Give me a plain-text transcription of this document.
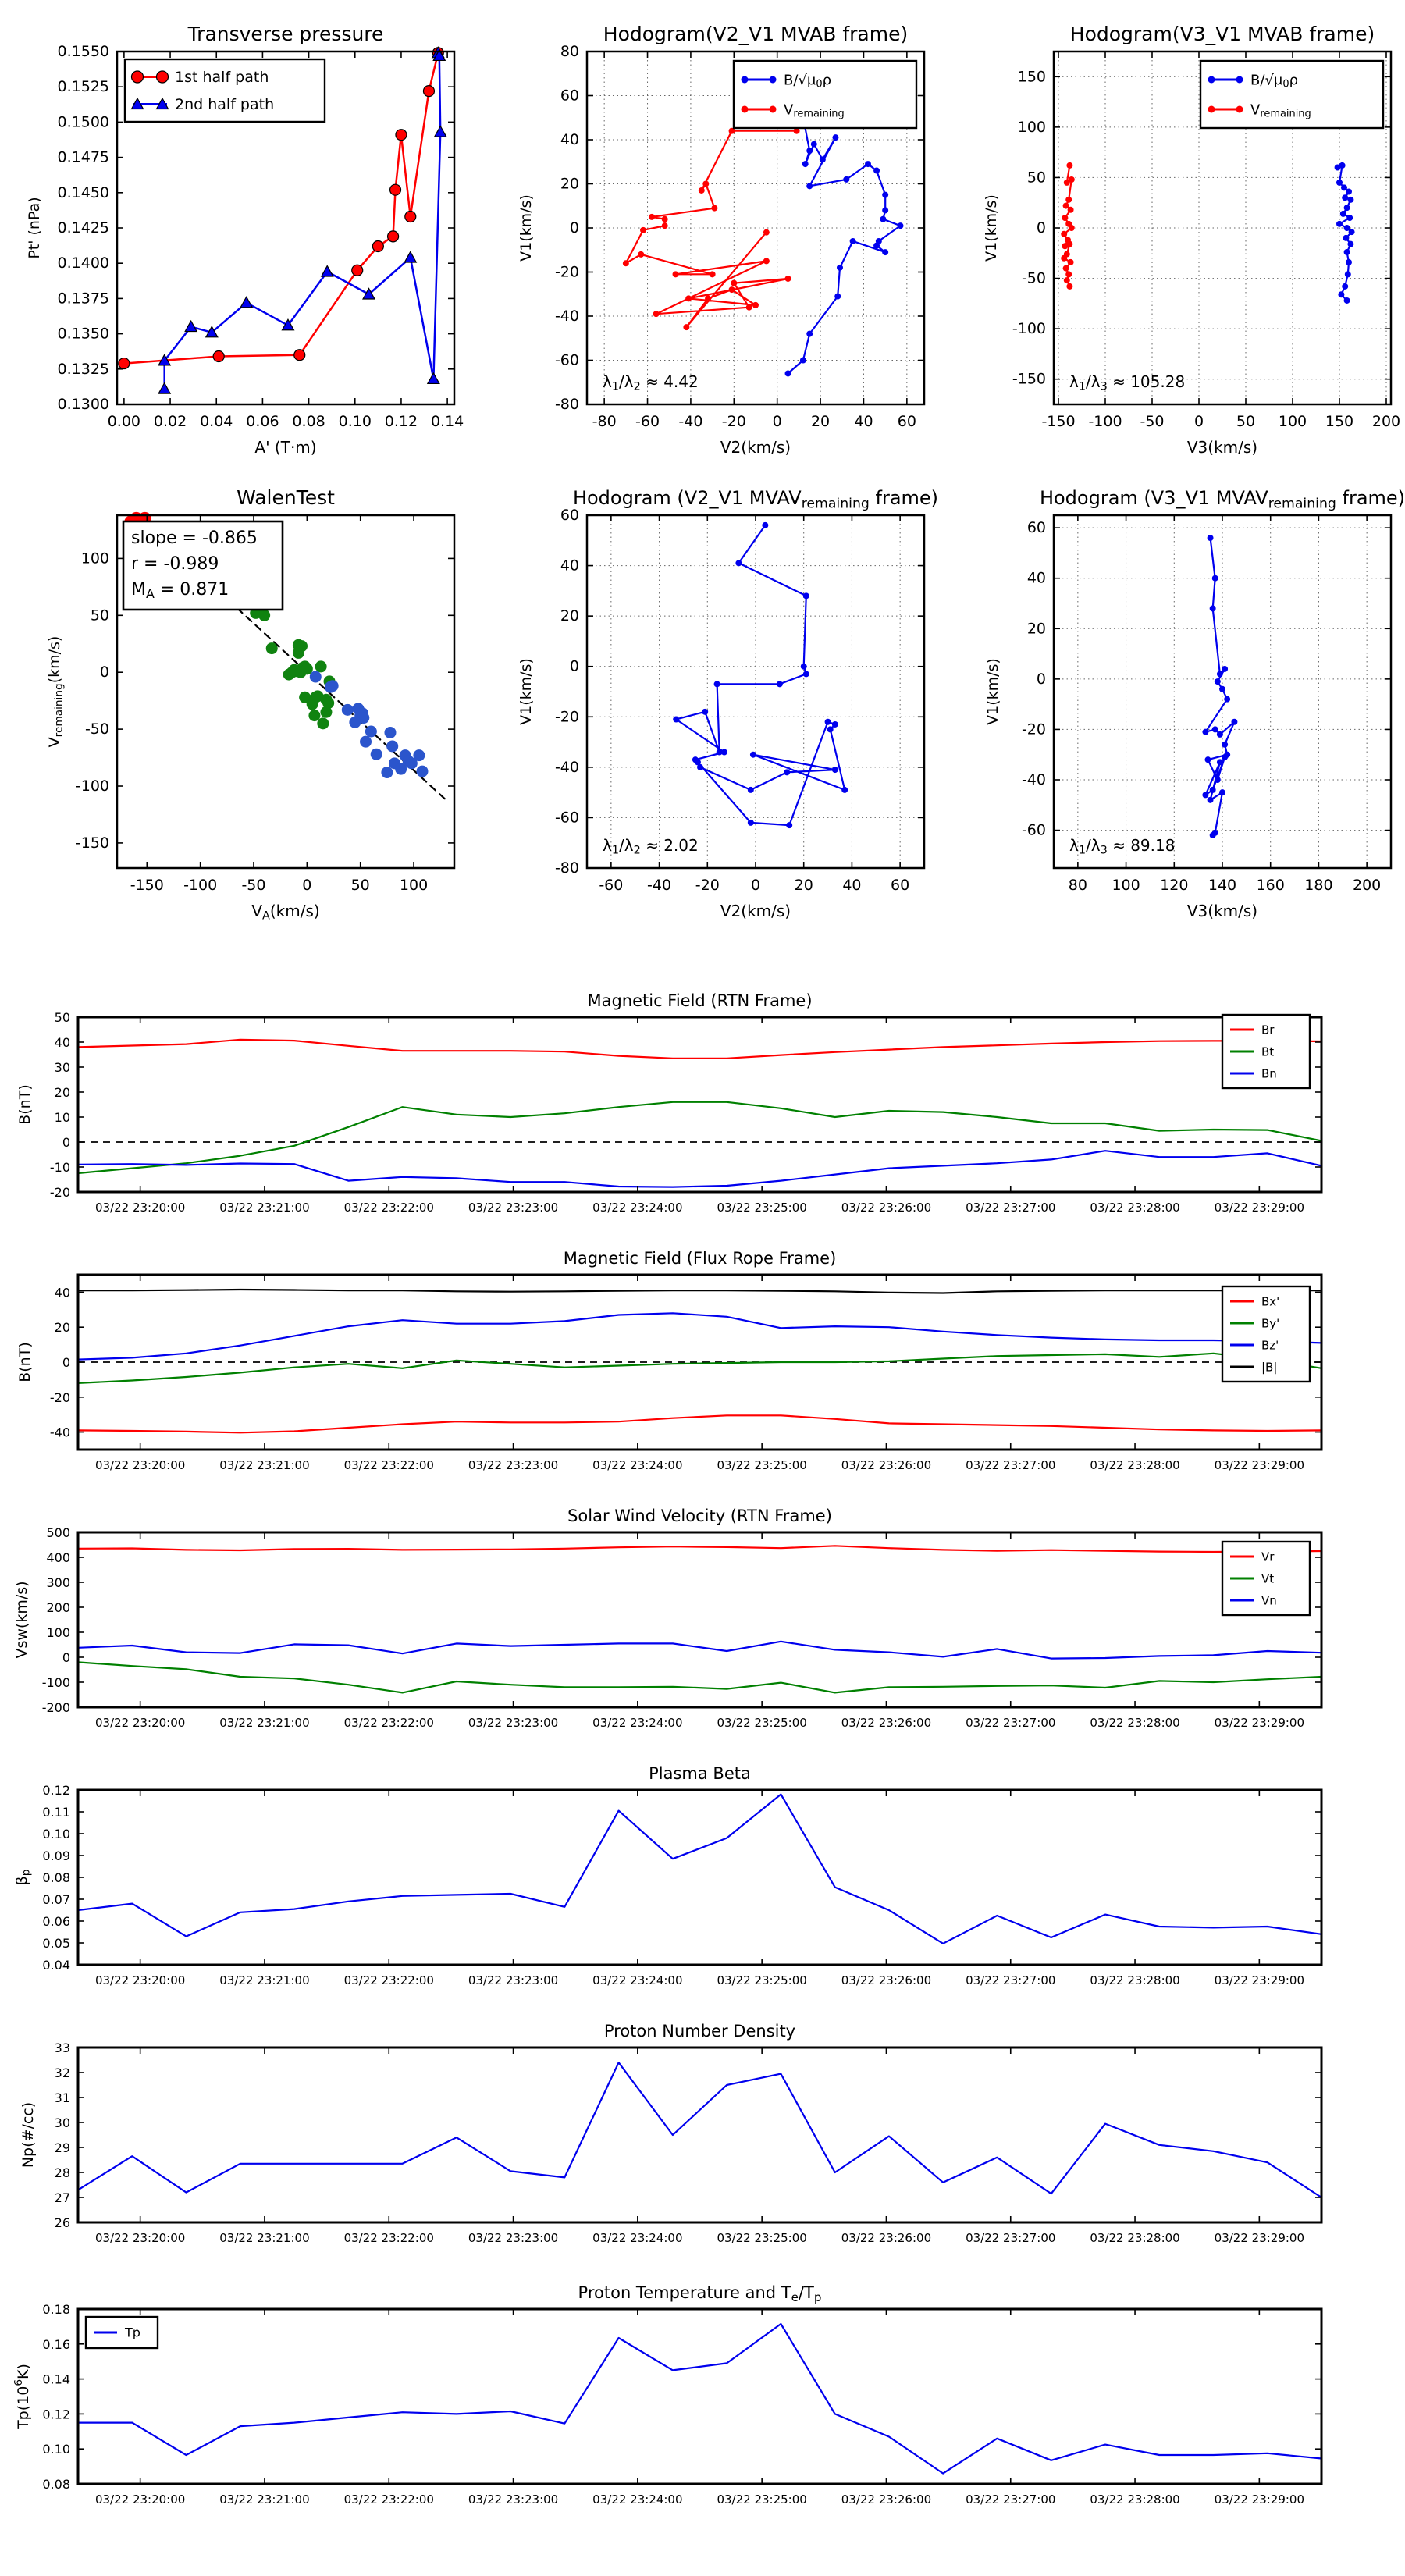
0.00 0.02 0.04 0.06 0.08 0.10 0.12 0.14
0.1300
0.1325
0.1350
0.1375
0.1400
0.1425
0.1450
0.1475
0.1500
0.1525
0.1550
Transverse pressure
A' (T·m)
Pt' (nPa)
1st half path
2nd half path
-80 -60 -40 -20 0 20 40 60
-80
-60
-40
-20
0
20
40
60
80
Hodogram(V2_V1 MVAB frame)
V2(km/s)
V1(km/s)
B/√μ0ρ
Vremaining
λ1/λ2 ≈ 4.42
-150 -100 -50 0 50 100 150 200
-150
-100
-50
0
50
100
150
Hodogram(V3_V1 MVAB frame)
V3(km/s)
V1(km/s)
B/√μ0ρ
Vremaining
λ1/λ3 ≈ 105.28
-150 -100 -50 0	50 100
-150
-100
-50
0
50
100
WalenTest
VA(km/s)
Vremaining(km/s)
slope = -0.865
r = -0.989
MA = 0.871
-60 -40 -20 0 20 40 60
-80
-60
-40
-20
0
20
40
60
Hodogram (V2_V1 MVAVremaining frame)
V2(km/s)
V1(km/s)
λ1/λ2 ≈ 2.02
80 100 120 140 160 180 200
-60
-40
-20
0
20
40
60
Hodogram (V3_V1 MVAVremaining frame)
V3(km/s)
V1(km/s)
λ1/λ3 ≈ 89.18
03/22 23:20:00	03/22 23:21:00	03/22 23:22:00	03/22 23:23:00	03/22 23:24:00	03/22 23:25:00	03/22 23:26:00	03/22 23:27:00	03/22 23:28:00	03/22 23:29:00
-20
-10
0
10
20
30
40
50
Magnetic Field (RTN Frame)
B(nT)
Br
Bt
Bn
03/22 23:20:00	03/22 23:21:00	03/22 23:22:00	03/22 23:23:00	03/22 23:24:00	03/22 23:25:00	03/22 23:26:00	03/22 23:27:00	03/22 23:28:00	03/22 23:29:00
-40
-20
0
20
40
Magnetic Field (Flux Rope Frame)
B(nT)
Bx'
By'
Bz'
|B|
03/22 23:20:00	03/22 23:21:00	03/22 23:22:00	03/22 23:23:00	03/22 23:24:00	03/22 23:25:00	03/22 23:26:00	03/22 23:27:00	03/22 23:28:00	03/22 23:29:00
-200
-100
0
100
200
300
400
500
Solar Wind Velocity (RTN Frame)
Vsw(km/s)
Vr
Vt
Vn
03/22 23:20:00	03/22 23:21:00	03/22 23:22:00	03/22 23:23:00	03/22 23:24:00	03/22 23:25:00	03/22 23:26:00	03/22 23:27:00	03/22 23:28:00	03/22 23:29:00
0.04
0.05
0.06
0.07
0.08
0.09
0.10
0.11
0.12
Plasma Beta
βp
03/22 23:20:00	03/22 23:21:00	03/22 23:22:00	03/22 23:23:00	03/22 23:24:00	03/22 23:25:00	03/22 23:26:00	03/22 23:27:00	03/22 23:28:00	03/22 23:29:00
26
27
28
29
30
31
32
33
Proton Number Density
Np(#/cc)
03/22 23:20:00	03/22 23:21:00	03/22 23:22:00	03/22 23:23:00	03/22 23:24:00	03/22 23:25:00	03/22 23:26:00	03/22 23:27:00	03/22 23:28:00	03/22 23:29:00
0.08
0.10
0.12
0.14
0.16
0.18
Proton Temperature and Te/Tp
$Tp(10^6K)$
Tp
